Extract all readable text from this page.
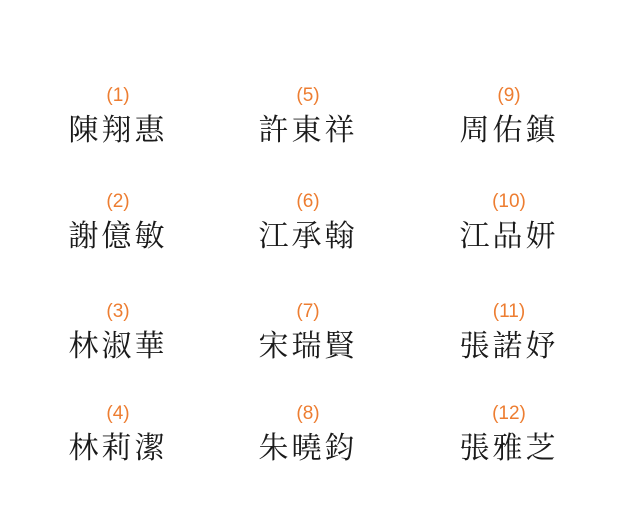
(1)
陳翔惠
(2)
謝億敏
(3)
林淑華
(4)
林莉潔
(5)
許東祥
(6)
江承翰
(7)
宋瑞賢
(8)
朱曉鈞
(9)
周佑鎮
(10)
江品妍
(11)
張諾妤
(12)
張雅芝
